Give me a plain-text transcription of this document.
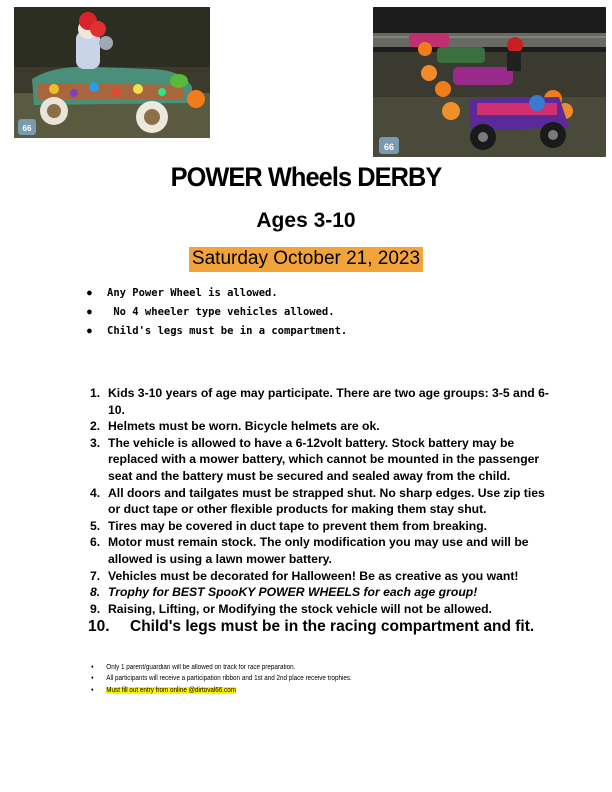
66
66
POWER Wheels DERBY
Ages 3-10
Saturday October 21, 2023
● Any Power Wheel is allowed.
●  No 4 wheeler type vehicles allowed.
● Child's legs must be in a compartment.
1. Kids 3-10 years of age may participate. There are two age groups: 3-5 and 6-10.
2. Helmets must be worn. Bicycle helmets are ok.
3. The vehicle is allowed to have a 6-12volt battery. Stock battery may be replaced with a mower battery, which cannot be mounted in the passenger seat and the battery must be secured and sealed away from the child.
4. All doors and tailgates must be strapped shut. No sharp edges. Use zip ties or duct tape or other flexible products for making them stay shut.
5. Tires may be covered in duct tape to prevent them from breaking.
6. Motor must remain stock. The only modification you may use and will be allowed is using a lawn mower battery.
7. Vehicles must be decorated for Halloween! Be as creative as you want!
8. Trophy for BEST SpooKY POWER WHEELS for each age group!
9. Raising, Lifting, or Modifying the stock vehicle will not be allowed.
10. Child's legs must be in the racing compartment and fit.
● Only 1 parent/guardian will be allowed on track for race preparation.
● All participants will receive a participation ribbon and 1st and 2nd place receive trophies.
● Must fill out entry from online @dirtoval66.com
